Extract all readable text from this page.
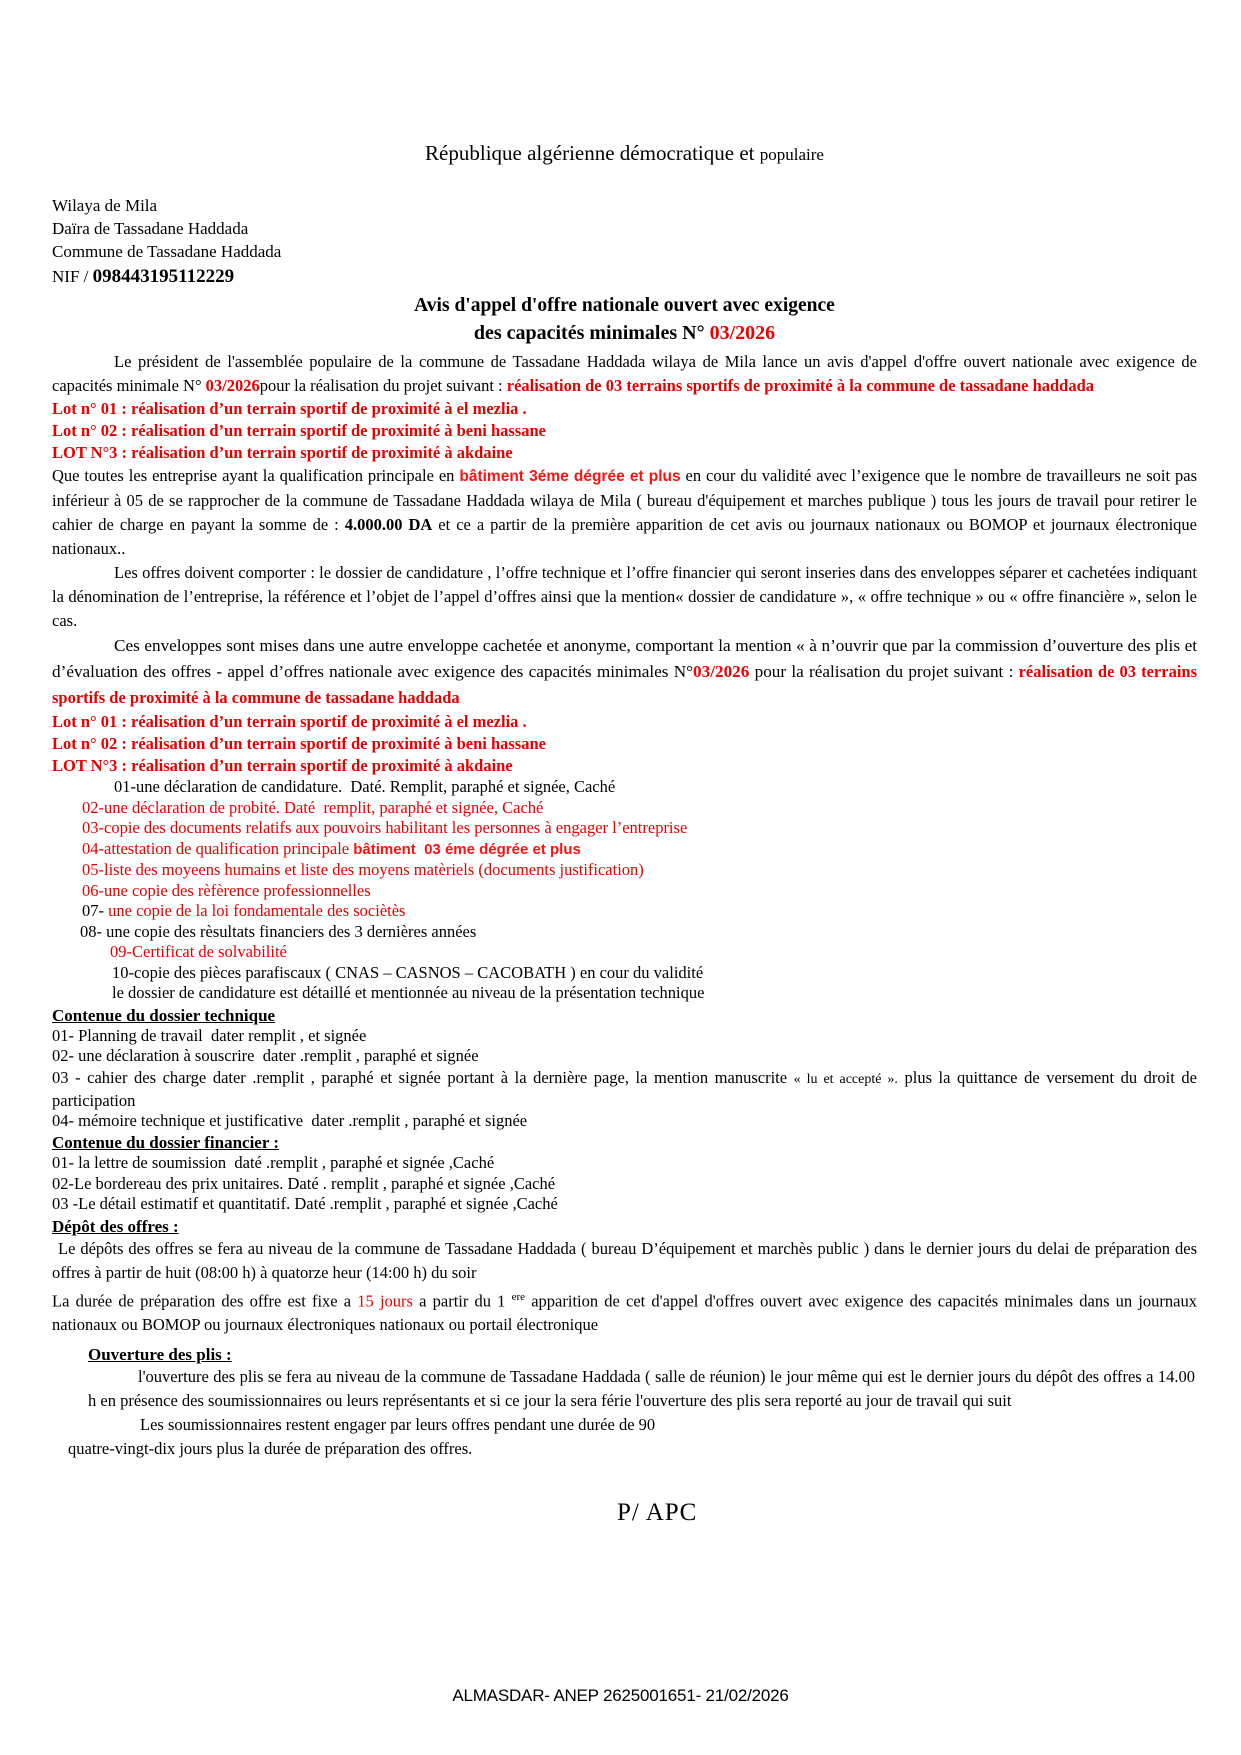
République algérienne démocratique et populaire
Wilaya de Mila
Daïra de Tassadane Haddada
Commune de Tassadane Haddada
NIF / 098443195112229
Avis d'appel d'offre nationale ouvert avec exigence
des capacités minimales N° 03/2026

Le président de l'assemblée populaire de la commune de Tassadane Haddada wilaya de Mila lance un avis d'appel d'offre ouvert nationale avec exigence de capacités minimale N° 03/2026pour la réalisation du projet suivant : réalisation de 03 terrains sportifs de proximité à la commune de tassadane haddada

Lot n° 01 : réalisation d’un terrain sportif de proximité à el mezlia .
Lot n° 02 : réalisation d’un terrain sportif de proximité à beni hassane
LOT N°3 : réalisation d’un terrain sportif de proximité à akdaine

Que toutes les entreprise ayant la qualification principale en bâtiment 3éme dégrée et plus en cour du validité avec l’exigence que le nombre de travailleurs ne soit pas inférieur à 05 de se rapprocher de la commune de Tassadane Haddada wilaya de Mila ( bureau d'équipement et marches publique ) tous les jours de travail pour retirer le cahier de charge en payant la somme de : 4.000.00 DA et ce a partir de la première apparition de cet avis ou journaux nationaux ou BOMOP et journaux électronique nationaux..

Les offres doivent comporter : le dossier de candidature , l’offre technique et l’offre financier qui seront inseries dans des enveloppes séparer et cachetées indiquant la dénomination de l’entreprise, la référence et l’objet de l’appel d’offres ainsi que la mention« dossier de candidature », « offre technique » ou « offre financière », selon le cas.

Ces enveloppes sont mises dans une autre enveloppe cachetée et anonyme, comportant la mention « à n’ouvrir que par la commission d’ouverture des plis et d’évaluation des offres - appel d’offres nationale avec exigence des capacités minimales N°03/2026 pour la réalisation du projet suivant : réalisation de 03 terrains sportifs de proximité à la commune de tassadane haddada

Lot n° 01 : réalisation d’un terrain sportif de proximité à el mezlia .
Lot n° 02 : réalisation d’un terrain sportif de proximité à beni hassane
LOT N°3 : réalisation d’un terrain sportif de proximité à akdaine
01-une déclaration de candidature.  Daté. Remplit, paraphé et signée, Caché
02-une déclaration de probité. Daté  remplit, paraphé et signée, Caché
03-copie des documents relatifs aux pouvoirs habilitant les personnes à engager l’entreprise
04-attestation de qualification principale bâtiment  03 éme dégrée et plus
05-liste des moyeens humains et liste des moyens matèriels (documents justification)
06-une copie des rèfèrence professionnelles
07- une copie de la loi fondamentale des sociètès
08- une copie des rèsultats financiers des 3 dernières années
09-Certificat de solvabilité
10-copie des pièces parafiscaux ( CNAS – CASNOS – CACOBATH ) en cour du validité
le dossier de candidature est détaillé et mentionnée au niveau de la présentation technique
Contenue du dossier technique
01- Planning de travail  dater remplit , et signée
02- une déclaration à souscrire  dater .remplit , paraphé et signée
03 - cahier des charge dater .remplit , paraphé et signée portant à la dernière page, la mention manuscrite « lu et accepté ». plus la quittance de versement du droit de participation
04- mémoire technique et justificative  dater .remplit , paraphé et signée
Contenue du dossier financier :
01- la lettre de soumission  daté .remplit , paraphé et signée ,Caché
02-Le bordereau des prix unitaires. Daté . remplit , paraphé et signée ,Caché
03 -Le détail estimatif et quantitatif. Daté .remplit , paraphé et signée ,Caché
Dépôt des offres :

Le dépôts des offres se fera au niveau de la commune de Tassadane Haddada ( bureau D’équipement et marchès public ) dans le dernier jours du delai de préparation des offres à partir de huit (08:00 h) à quatorze heur (14:00 h) du soir

La durée de préparation des offre est fixe a 15 jours a partir du 1 $^{ere}$ apparition de cet d'appel d'offres ouvert avec exigence des capacités minimales dans un journaux nationaux ou BOMOP ou journaux électroniques nationaux ou portail électronique

Ouverture des plis :

l'ouverture des plis se fera au niveau de la commune de Tassadane Haddada ( salle de réunion) le jour même qui est le dernier jours du dépôt des offres a 14.00 h en présence des soumissionnaires ou leurs représentants et si ce jour la sera férie l'ouverture des plis sera reporté au jour de travail qui suit

Les soumissionnaires restent engager par leurs offres pendant une durée de 90
quatre-vingt-dix jours plus la durée de préparation des offres.
P/ APC
ALMASDAR- ANEP 2625001651- 21/02/2026
